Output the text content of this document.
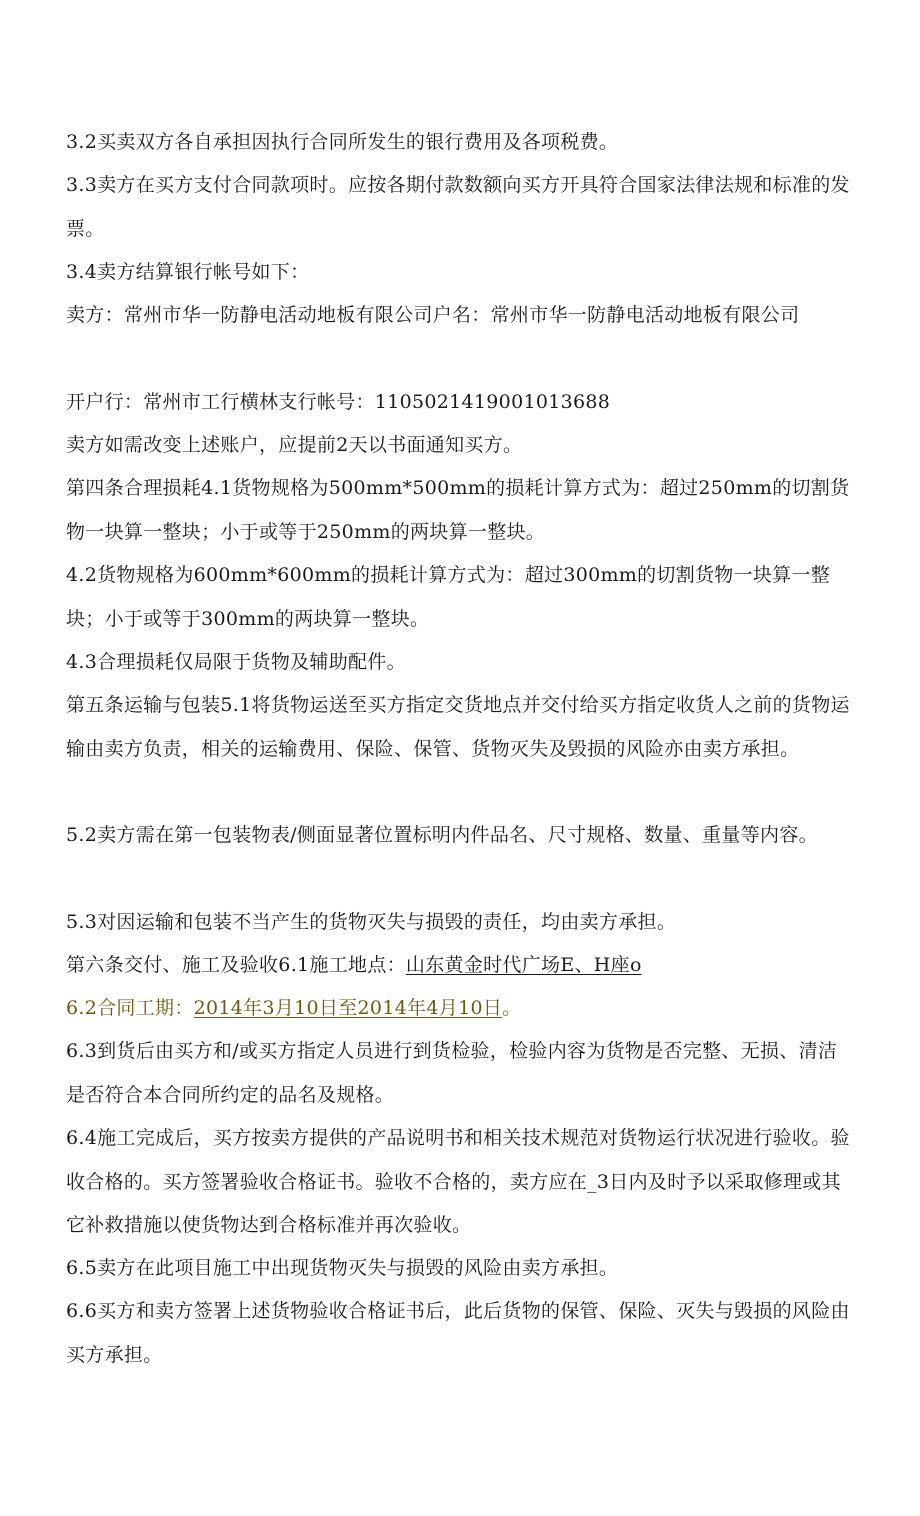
3.2买卖双方各自承担因执行合同所发生的银行费用及各项税费。

3.3卖方在买方支付合同款项时。应按各期付款数额向买方开具符合国家法律法规和标准的发票。

3.4卖方结算银行帐号如下：

卖方：常州市华一防静电活动地板有限公司户名：常州市华一防静电活动地板有限公司

开户行：常州市工行横林支行帐号：1105021419001013688

卖方如需改变上述账户，应提前2天以书面通知买方。

第四条合理损耗4.1货物规格为500mm*500mm的损耗计算方式为：超过250mm的切割货物一块算一整块；小于或等于250mm的两块算一整块。

4.2货物规格为600mm*600mm的损耗计算方式为：超过300mm的切割货物一块算一整块；小于或等于300mm的两块算一整块。

4.3合理损耗仅局限于货物及辅助配件。

第五条运输与包装5.1将货物运送至买方指定交货地点并交付给买方指定收货人之前的货物运输由卖方负责，相关的运输费用、保险、保管、货物灭失及毁损的风险亦由卖方承担。

5.2卖方需在第一包装物表/侧面显著位置标明内件品名、尺寸规格、数量、重量等内容。

5.3对因运输和包装不当产生的货物灭失与损毁的责任，均由卖方承担。

第六条交付、施工及验收6.1施工地点：山东黄金时代广场E、H座o

6.2合同工期：2014年3月10日至2014年4月10日。

6.3到货后由买方和/或买方指定人员进行到货检验，检验内容为货物是否完整、无损、清洁是否符合本合同所约定的品名及规格。

6.4施工完成后，买方按卖方提供的产品说明书和相关技术规范对货物运行状况进行验收。验收合格的。买方签署验收合格证书。验收不合格的，卖方应在_3日内及时予以采取修理或其它补救措施以使货物达到合格标准并再次验收。

6.5卖方在此项目施工中出现货物灭失与损毁的风险由卖方承担。

6.6买方和卖方签署上述货物验收合格证书后，此后货物的保管、保险、灭失与毁损的风险由买方承担。
